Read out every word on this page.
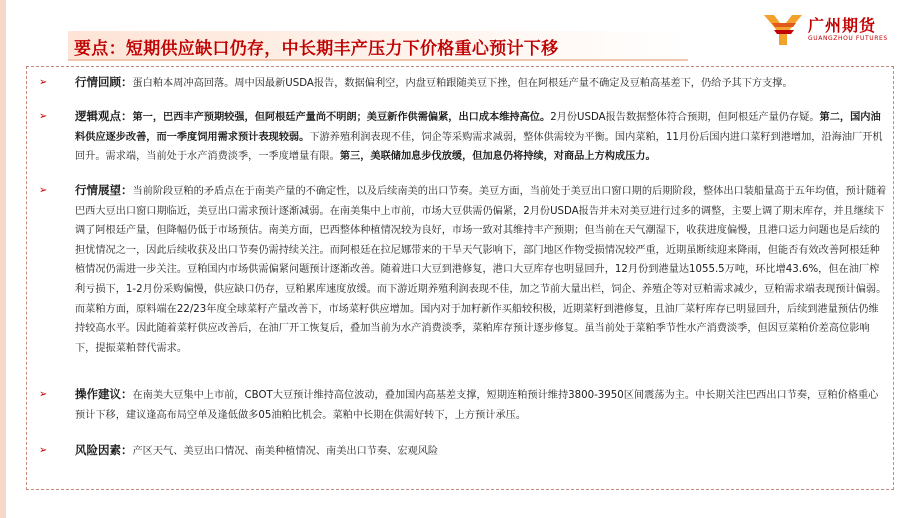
要点： 短期供应缺口仍存，中长期丰产压力下价格重心预计下移
广州期货
GUANGZHOU FUTURES
➢	行情回顾：蛋白粕本周冲高回落。周中因最新USDA报告，数据偏利空，内盘豆粕跟随美豆下挫，但在阿根廷产量不确定及豆粕高基差下，仍给予其下方支撑。
➢	逻辑观点：第一，巴西丰产预期较强，但阿根廷产量尚不明朗；美豆新作供需偏紧，出口成本维持高位。2月份USDA报告数据整体符合预期，但阿根廷产量仍存疑。第二，国内油料供应逐步改善，而一季度饲用需求预计表现较弱。下游养殖利润表现不佳，饲企等采购需求减弱，整体供需较为平衡。国内菜粕，11月份后国内进口菜籽到港增加，沿海油厂开机回升。需求端，当前处于水产消费淡季，一季度增量有限。第三，美联储加息步伐放缓，但加息仍将持续，对商品上方构成压力。
➢	行情展望：当前阶段豆粕的矛盾点在于南美产量的不确定性，以及后续南美的出口节奏。美豆方面，当前处于美豆出口窗口期的后期阶段，整体出口装船量高于五年均值，预计随着巴西大豆出口窗口期临近，美豆出口需求预计逐渐减弱。在南美集中上市前，市场大豆供需仍偏紧，2月份USDA报告并未对美豆进行过多的调整，主要上调了期末库存，并且继续下调了阿根廷产量，但降幅仍低于市场预估。南美方面，巴西整体种植情况较为良好，市场一致对其维持丰产预期；但当前在天气潮湿下，收获进度偏慢，且港口运力问题也是后续的担忧情况之一，因此后续收获及出口节奏仍需持续关注。而阿根廷在拉尼娜带来的干旱天气影响下，部门地区作物受损情况较严重，近期虽断续迎来降雨，但能否有效改善阿根廷种植情况仍需进一步关注。豆粕国内市场供需偏紧问题预计逐渐改善。随着进口大豆到港修复，港口大豆库存也明显回升，12月份到港量达1055.5万吨，环比增43.6%，但在油厂榨利亏损下，1-2月份采购偏慢，供应缺口仍存，豆粕累库速度放缓。而下游近期养殖利润表现不佳，加之节前大量出栏，饲企、养殖企等对豆粕需求减少，豆粕需求端表现预计偏弱。而菜粕方面，原料端在22/23年度全球菜籽产量改善下，市场菜籽供应增加。国内对于加籽新作买船较积极，近期菜籽到港修复，且油厂菜籽库存已明显回升，后续到港量预估仍维持较高水平。因此随着菜籽供应改善后，在油厂开工恢复后，叠加当前为水产消费淡季，菜粕库存预计逐步修复。虽当前处于菜粕季节性水产消费淡季，但因豆菜粕价差高位影响下，提振菜粕替代需求。
➢	操作建议：在南美大豆集中上市前，CBOT大豆预计维持高位波动，叠加国内高基差支撑，短期连粕预计维持3800-3950区间震荡为主。中长期关注巴西出口节奏，豆粕价格重心预计下移，建议逢高布局空单及逢低做多05油粕比机会。菜粕中长期在供需好转下，上方预计承压。
➢	风险因素：产区天气、美豆出口情况、南美种植情况、南美出口节奏、宏观风险
